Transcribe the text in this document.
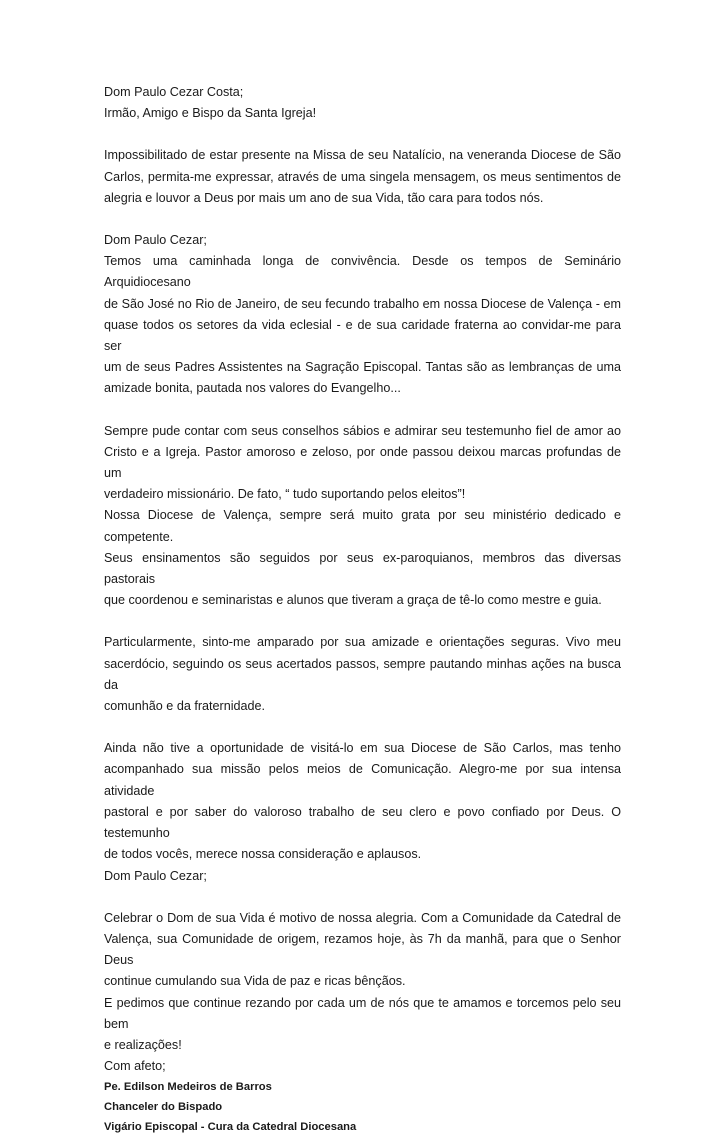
Dom Paulo Cezar Costa;
Irmão, Amigo e Bispo da Santa Igreja!
Impossibilitado de estar presente na Missa de seu Natalício, na veneranda Diocese de São
Carlos, permita-me expressar, através de uma singela mensagem, os meus sentimentos de
alegria e louvor a Deus por mais um ano de sua Vida, tão cara para todos nós.
Dom Paulo Cezar;
Temos uma caminhada longa de convivência. Desde os tempos de Seminário Arquidiocesano
de São José no Rio de Janeiro, de seu fecundo trabalho em nossa Diocese de Valença - em
quase todos os setores da vida eclesial - e de sua caridade fraterna ao convidar-me para ser
um de seus Padres Assistentes na Sagração Episcopal. Tantas são as lembranças de uma
amizade bonita, pautada nos valores do Evangelho...
Sempre pude contar com seus conselhos sábios e admirar seu testemunho fiel de amor ao
Cristo e a Igreja. Pastor amoroso e zeloso, por onde passou deixou marcas profundas de um
verdadeiro missionário. De fato, “ tudo suportando pelos eleitos”!
Nossa Diocese de Valença, sempre será muito grata por seu ministério dedicado e competente.
Seus ensinamentos são seguidos por seus ex-paroquianos, membros das diversas pastorais
que coordenou e seminaristas e alunos que tiveram a graça de tê-lo como mestre e guia.
Particularmente, sinto-me amparado por sua amizade e orientações seguras. Vivo meu
sacerdócio, seguindo os seus acertados passos, sempre pautando minhas ações na busca da
comunhão e da fraternidade.
Ainda não tive a oportunidade de visitá-lo em sua Diocese de São Carlos, mas tenho
acompanhado sua missão pelos meios de Comunicação. Alegro-me por sua intensa atividade
pastoral e por saber do valoroso trabalho de seu clero e povo confiado por Deus. O testemunho
de todos vocês, merece nossa consideração e aplausos.
Dom Paulo Cezar;
Celebrar o Dom de sua Vida é motivo de nossa alegria. Com a Comunidade da Catedral de
Valença, sua Comunidade de origem, rezamos hoje, às 7h da manhã, para que o Senhor Deus
continue cumulando sua Vida de paz e ricas bênçãos.
E pedimos que continue rezando por cada um de nós que te amamos e torcemos pelo seu bem
e realizações!
Com afeto;
Pe. Edilson Medeiros de Barros
Chanceler do Bispado
Vigário Episcopal - Cura da Catedral Diocesana
